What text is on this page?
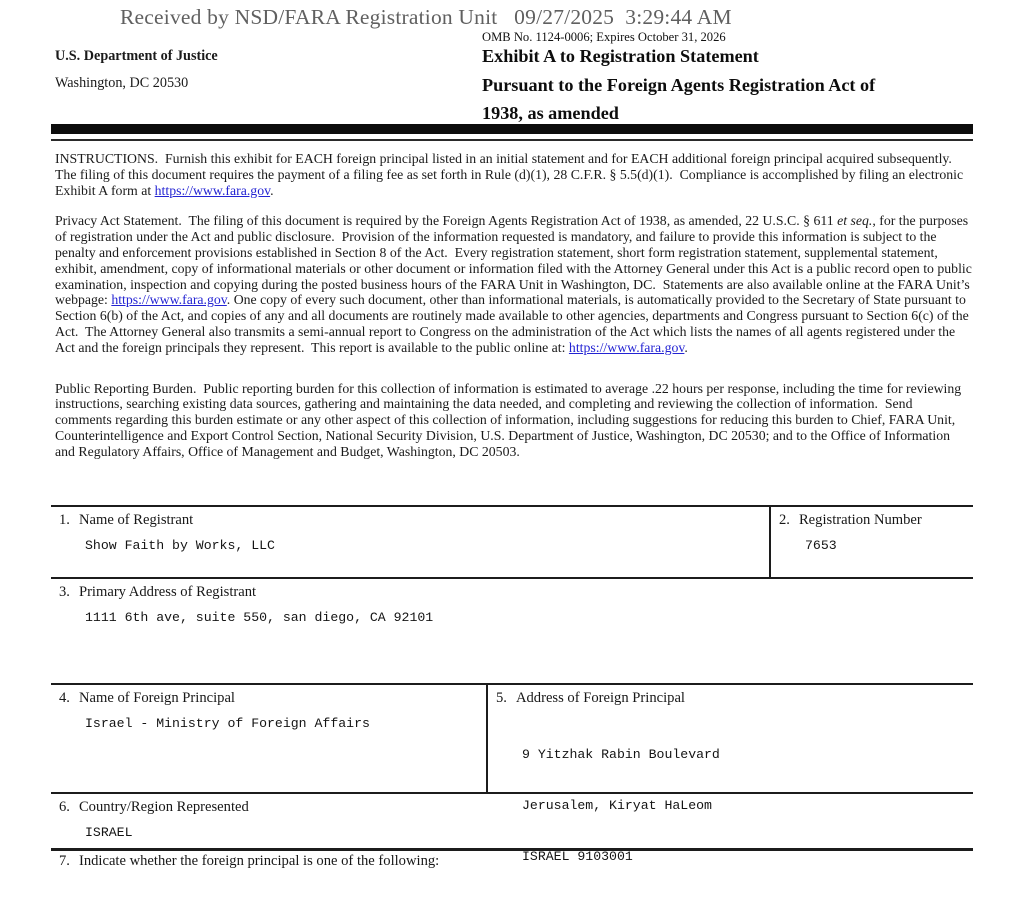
Received by NSD/FARA Registration Unit   09/27/2025  3:29:44 AM
OMB No. 1124-0006; Expires October 31, 2026
U.S. Department of Justice
Washington, DC 20530
Exhibit A to Registration Statement
Pursuant to the Foreign Agents Registration Act of
1938, as amended

INSTRUCTIONS.  Furnish this exhibit for EACH foreign principal listed in an initial statement and for EACH additional foreign principal acquired subsequently.  The filing of this document requires the payment of a filing fee as set forth in Rule (d)(1), 28 C.F.R. § 5.5(d)(1).  Compliance is accomplished by filing an electronic Exhibit A form at https://www.fara.gov.

Privacy Act Statement.  The filing of this document is required by the Foreign Agents Registration Act of 1938, as amended, 22 U.S.C. § 611 et seq., for the purposes of registration under the Act and public disclosure.  Provision of the information requested is mandatory, and failure to provide this information is subject to the penalty and enforcement provisions established in Section 8 of the Act.  Every registration statement, short form registration statement, supplemental statement, exhibit, amendment, copy of informational materials or other document or information filed with the Attorney General under this Act is a public record open to public examination, inspection and copying during the posted business hours of the FARA Unit in Washington, DC.  Statements are also available online at the FARA Unit’s webpage: https://www.fara.gov. One copy of every such document, other than informational materials, is automatically provided to the Secretary of State pursuant to Section 6(b) of the Act, and copies of any and all documents are routinely made available to other agencies, departments and Congress pursuant to Section 6(c) of the Act.  The Attorney General also transmits a semi-annual report to Congress on the administration of the Act which lists the names of all agents registered under the Act and the foreign principals they represent.  This report is available to the public online at: https://www.fara.gov.

Public Reporting Burden.  Public reporting burden for this collection of information is estimated to average .22 hours per response, including the time for reviewing instructions, searching existing data sources, gathering and maintaining the data needed, and completing and reviewing the collection of information.  Send comments regarding this burden estimate or any other aspect of this collection of information, including suggestions for reducing this burden to Chief, FARA Unit, Counterintelligence and Export Control Section, National Security Division, U.S. Department of Justice, Washington, DC 20530; and to the Office of Information and Regulatory Affairs, Office of Management and Budget, Washington, DC 20503.

1. Name of Registrant
Show Faith by Works, LLC
2. Registration Number
7653
3. Primary Address of Registrant
1111 6th ave, suite 550, san diego, CA 92101
4. Name of Foreign Principal
Israel - Ministry of Foreign Affairs
5. Address of Foreign Principal

9 Yitzhak Rabin Boulevard

Jerusalem, Kiryat HaLeom

ISRAEL 9103001

6. Country/Region Represented
ISRAEL
7. Indicate whether the foreign principal is one of the following:
